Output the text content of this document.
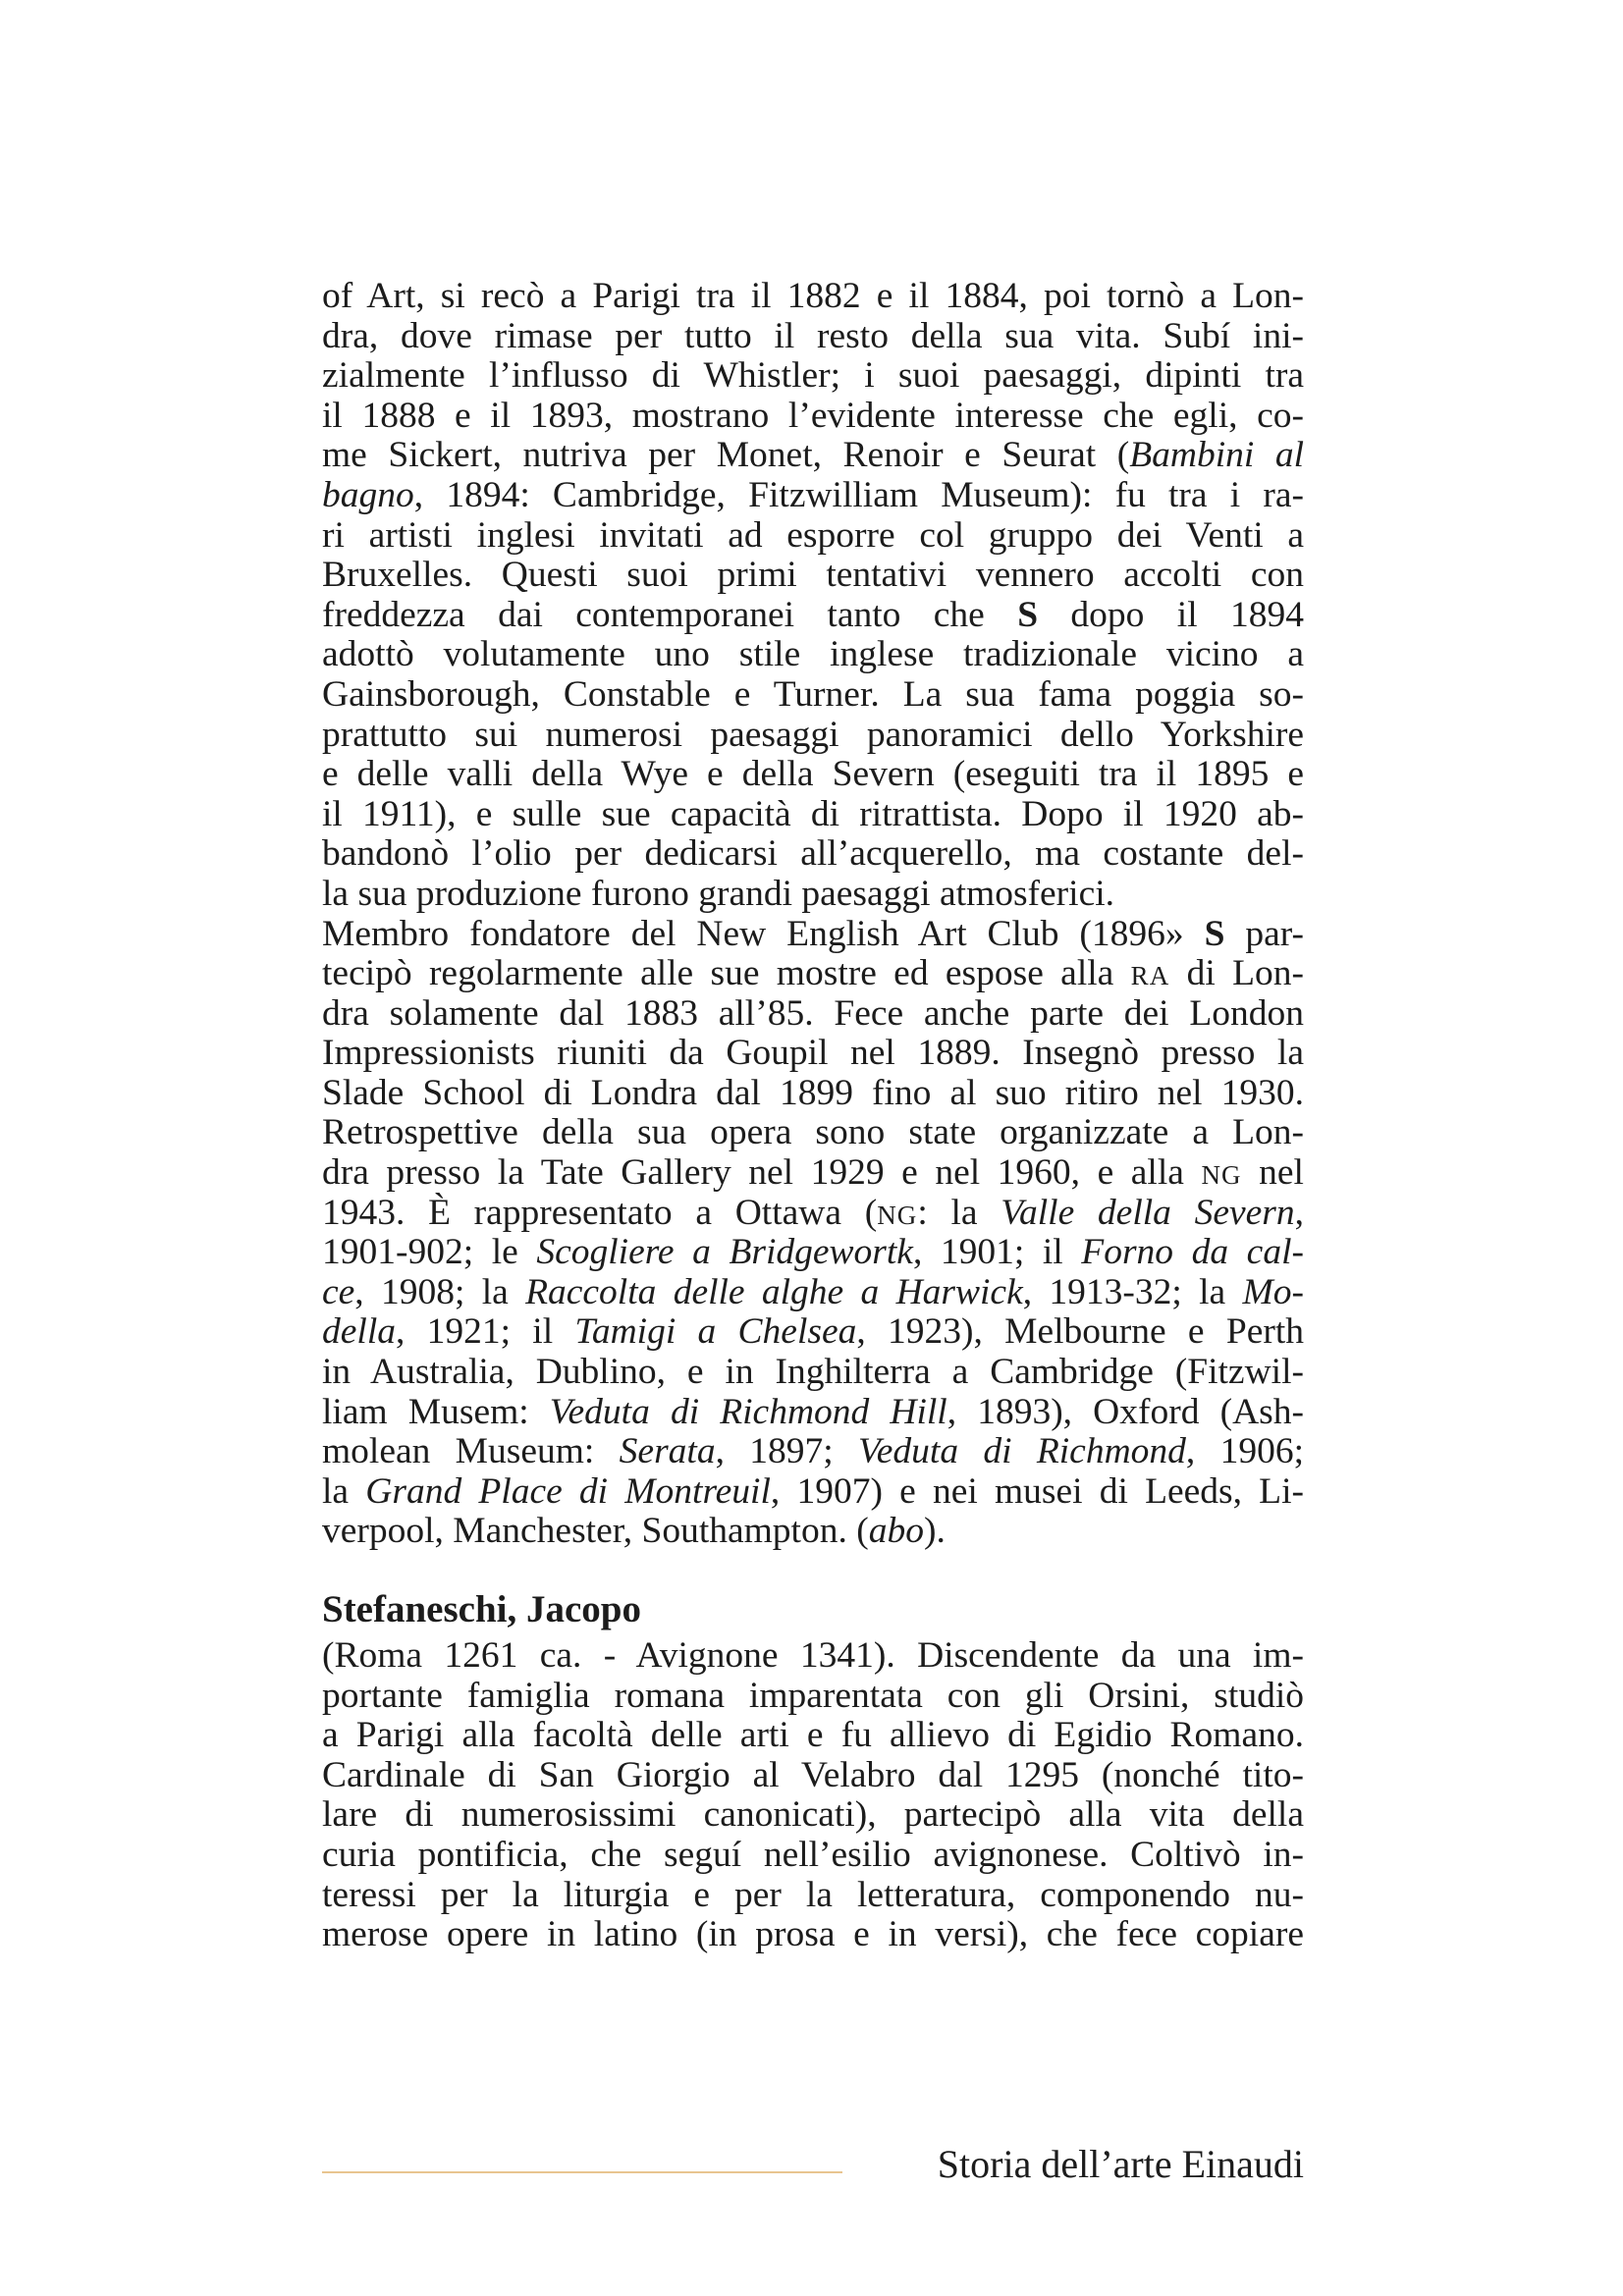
of Art, si recò a Parigi tra il 1882 e il 1884, poi tornò a Lon-
dra, dove rimase per tutto il resto della sua vita. Subí ini-
zialmente l’influsso di Whistler; i suoi paesaggi, dipinti tra
il 1888 e il 1893, mostrano l’evidente interesse che egli, co-
me Sickert, nutriva per Monet, Renoir e Seurat (Bambini al
bagno, 1894: Cambridge, Fitzwilliam Museum): fu tra i ra-
ri artisti inglesi invitati ad esporre col gruppo dei Venti a
Bruxelles. Questi suoi primi tentativi vennero accolti con
freddezza dai contemporanei tanto che S dopo il 1894
adottò volutamente uno stile inglese tradizionale vicino a
Gainsborough, Constable e Turner. La sua fama poggia so-
prattutto sui numerosi paesaggi panoramici dello Yorkshire
e delle valli della Wye e della Severn (eseguiti tra il 1895 e
il 1911), e sulle sue capacità di ritrattista. Dopo il 1920 ab-
bandonò l’olio per dedicarsi all’acquerello, ma costante del-
la sua produzione furono grandi paesaggi atmosferici.
Membro fondatore del New English Art Club (1896» S par-
tecipò regolarmente alle sue mostre ed espose alla RA di Lon-
dra solamente dal 1883 all’85. Fece anche parte dei London
Impressionists riuniti da Goupil nel 1889. Insegnò presso la
Slade School di Londra dal 1899 fino al suo ritiro nel 1930.
Retrospettive della sua opera sono state organizzate a Lon-
dra presso la Tate Gallery nel 1929 e nel 1960, e alla NG nel
1943. È rappresentato a Ottawa (NG: la Valle della Severn,
1901-902; le Scogliere a Bridgewortk, 1901; il Forno da cal-
ce, 1908; la Raccolta delle alghe a Harwick, 1913-32; la Mo-
della, 1921; il Tamigi a Chelsea, 1923), Melbourne e Perth
in Australia, Dublino, e in Inghilterra a Cambridge (Fitzwil-
liam Musem: Veduta di Richmond Hill, 1893), Oxford (Ash-
molean Museum: Serata, 1897; Veduta di Richmond, 1906;
la Grand Place di Montreuil, 1907) e nei musei di Leeds, Li-
verpool, Manchester, Southampton. (abo).
Stefaneschi, Jacopo
(Roma 1261 ca. - Avignone 1341). Discendente da una im-
portante famiglia romana imparentata con gli Orsini, studiò
a Parigi alla facoltà delle arti e fu allievo di Egidio Romano.
Cardinale di San Giorgio al Velabro dal 1295 (nonché tito-
lare di numerosissimi canonicati), partecipò alla vita della
curia pontificia, che seguí nell’esilio avignonese. Coltivò in-
teressi per la liturgia e per la letteratura, componendo nu-
merose opere in latino (in prosa e in versi), che fece copiare
Storia dell’arte Einaudi
